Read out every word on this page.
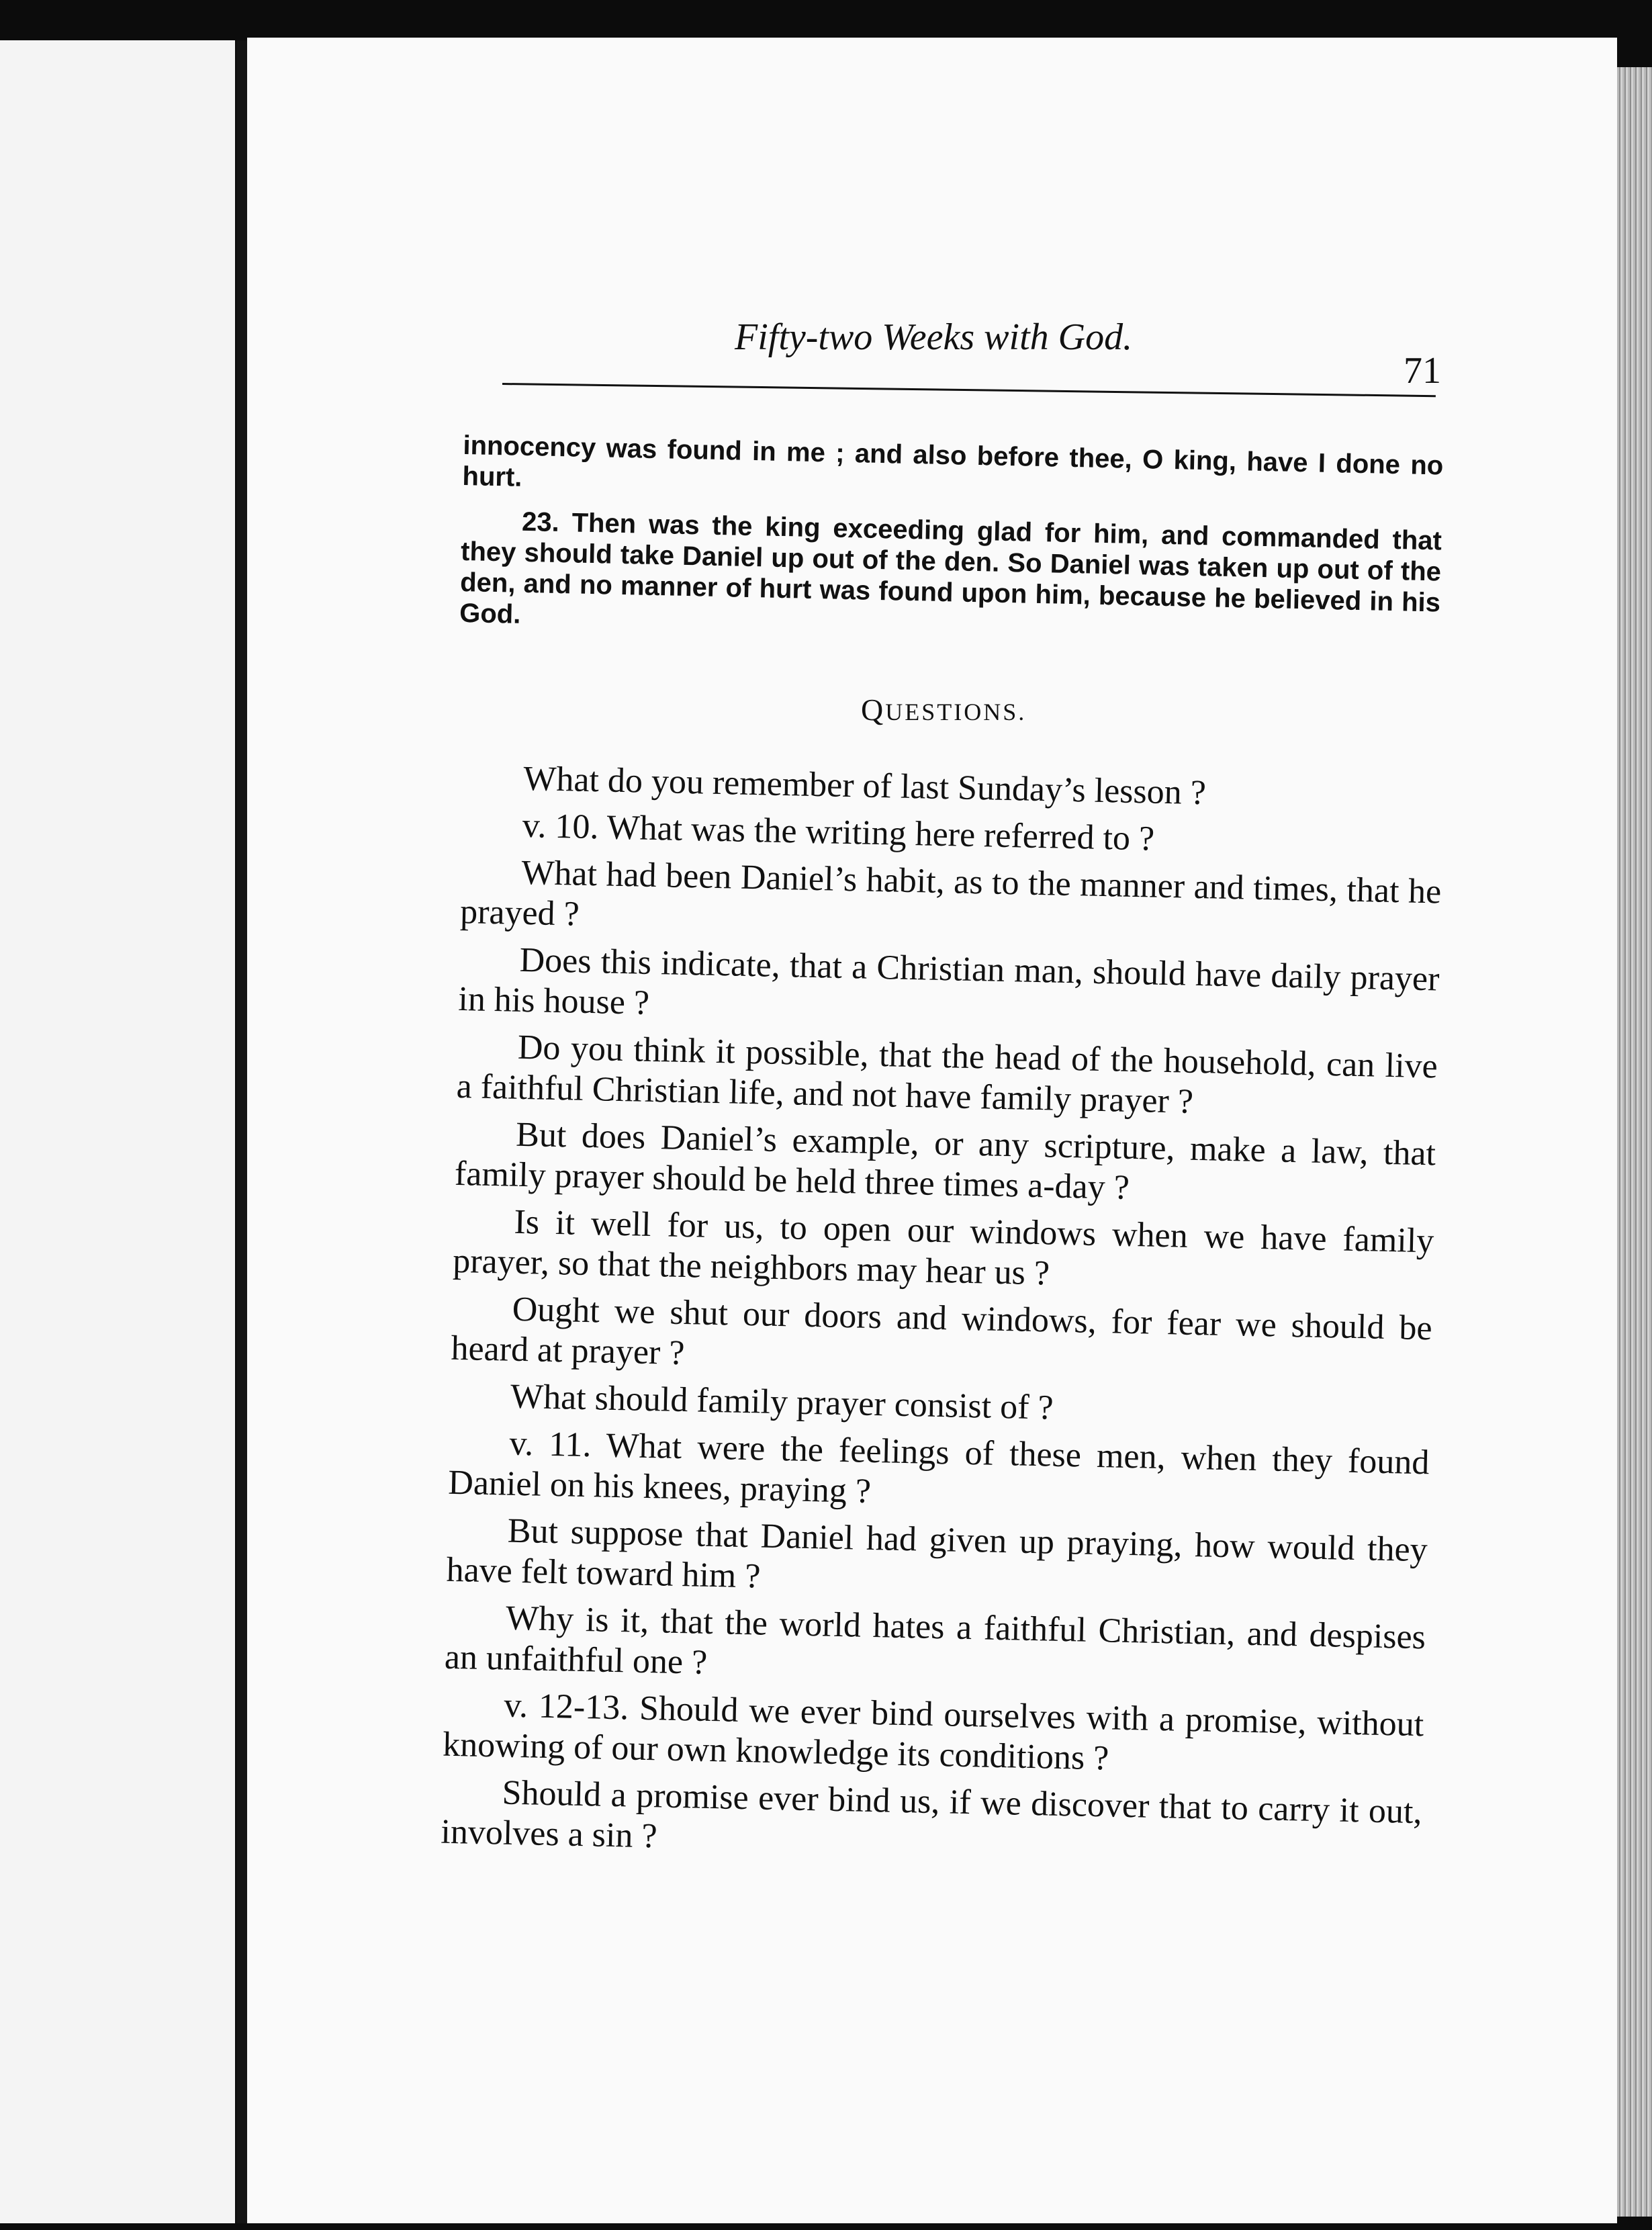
Fifty-two Weeks with God.
71

innocency was found in me ; and also before thee, O king, have I done no hurt.

23. Then was the king exceeding glad for him, and commanded that they should take Daniel up out of the den. So Daniel was taken up out of the den, and no manner of hurt was found upon him, because he believed in his God.

QUESTIONS.

What do you remember of last Sunday’s lesson ?

v. 10. What was the writing here referred to ?

What had been Daniel’s habit, as to the manner and times, that he prayed ?

Does this indicate, that a Christian man, should have daily prayer in his house ?

Do you think it possible, that the head of the household, can live a faithful Christian life, and not have family prayer ?

But does Daniel’s example, or any scripture, make a law, that family prayer should be held three times a-day ?

Is it well for us, to open our windows when we have family prayer, so that the neighbors may hear us ?

Ought we shut our doors and windows, for fear we should be heard at prayer ?

What should family prayer consist of ?

v. 11. What were the feelings of these men, when they found Daniel on his knees, praying ?

But suppose that Daniel had given up praying, how would they have felt toward him ?

Why is it, that the world hates a faithful Christian, and despises an unfaithful one ?

v. 12-13. Should we ever bind ourselves with a promise, without knowing of our own knowledge its conditions ?

Should a promise ever bind us, if we discover that to carry it out, involves a sin ?
